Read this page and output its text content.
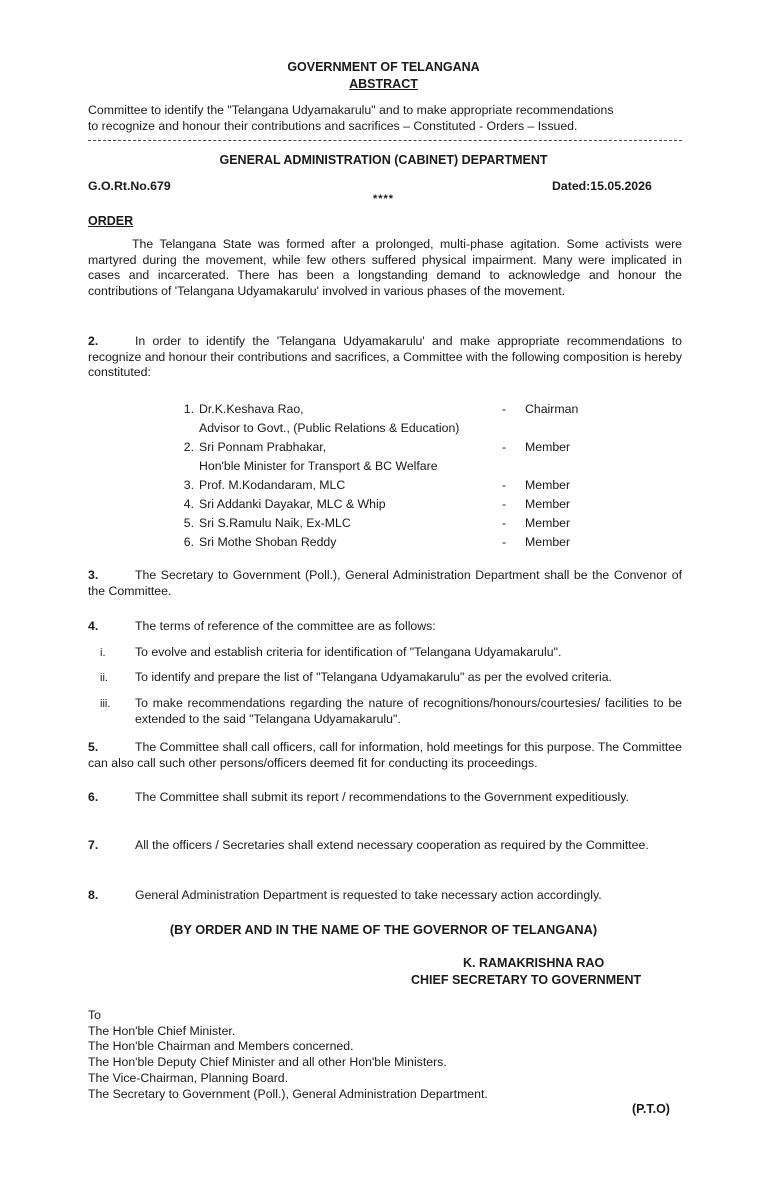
GOVERNMENT OF TELANGANA
ABSTRACT
Committee to identify the "Telangana Udyamakarulu" and to make appropriate recommendations
to recognize and honour their contributions and sacrifices – Constituted - Orders – Issued.
GENERAL ADMINISTRATION (CABINET) DEPARTMENT
G.O.Rt.No.679	Dated:15.05.2026
****
ORDER

The Telangana State was formed after a prolonged, multi-phase agitation. Some activists were martyred during the movement, while few others suffered physical impairment. Many were implicated in cases and incarcerated. There has been a longstanding demand to acknowledge and honour the contributions of 'Telangana Udyamakarulu' involved in various phases of the movement.

2.	In order to identify the 'Telangana Udyamakarulu' and make appropriate recommendations to recognize and honour their contributions and sacrifices, a Committee with the following composition is hereby constituted:

1. Dr.K.Keshava Rao,	- Chairman
Advisor to Govt., (Public Relations & Education)
2. Sri Ponnam Prabhakar,	- Member
Hon'ble Minister for Transport & BC Welfare
3. Prof. M.Kodandaram, MLC	- Member
4. Sri Addanki Dayakar, MLC & Whip	- Member
5. Sri S.Ramulu Naik, Ex-MLC	- Member
6. Sri Mothe Shoban Reddy	- Member

3.	The Secretary to Government (Poll.), General Administration Department shall be the Convenor of the Committee.

4.	The terms of reference of the committee are as follows:

i.	To evolve and establish criteria for identification of "Telangana Udyamakarulu".
ii.	To identify and prepare the list of "Telangana Udyamakarulu" as per the evolved criteria.
iii.	To make recommendations regarding the nature of recognitions/honours/courtesies/ facilities to be extended to the said "Telangana Udyamakarulu".

5.	The Committee shall call officers, call for information, hold meetings for this purpose. The Committee can also call such other persons/officers deemed fit for conducting its proceedings.

6.	The Committee shall submit its report / recommendations to the Government expeditiously.

7.	All the officers / Secretaries shall extend necessary cooperation as required by the Committee.

8.	General Administration Department is requested to take necessary action accordingly.

(BY ORDER AND IN THE NAME OF THE GOVERNOR OF TELANGANA)
K. RAMAKRISHNA RAO
CHIEF SECRETARY TO GOVERNMENT
To
The Hon'ble Chief Minister.
The Hon'ble Chairman and Members concerned.
The Hon'ble Deputy Chief Minister and all other Hon'ble Ministers.
The Vice-Chairman, Planning Board.
The Secretary to Government (Poll.), General Administration Department.
(P.T.O)
